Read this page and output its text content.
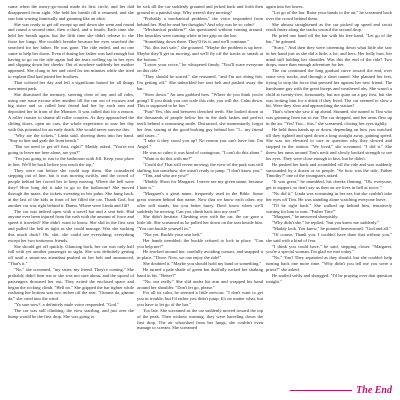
came when the merry-go-round made its first circle, and her dad disappeared from sight. She held her breath till it returned, and she saw him waving frantically and grinning like an idiot.

She was ready to get off except up and down she went and round and round a second time, then a third, and a fourth. Each time she held her breath again, but the fifth time she didn't release it; she froze her lungs. She couldn't breathe because her eyes searched the searched for her father. He was gone. The ride ended, and no one came to help her down. Even if during her father was bad enough but having to go on the ride again had the tears welling up in her eyes and slipping down her cheeks. Out of nowhere suddenly her mother appeared. She clung to her and cried for ten minutes while she tried to explain Dad had joined her brothers.

That colored her day and left a significant hatred for all things merriment park.

She dismissed the memory, steering clear of any and all rides, using one issue excuse after another till the run out of excuses and big sister and so called best friend had her by each arm and deposited her in front of the Monster. It was called that for a reason. A roller coaster to shame all roller coasters. As they approached the sliding doors, open air cars, the whole experience to soar her day with this potential for an early death. She would never survive this.

"Why are the tickets," Linda said, shoving them into her hand. "Stay in line and grab the front bench."

"But we need to get off first, right?" Maddy asked. "You're not going to leave me here alone, are you?"

"I'm just going to run to the bathroom with Jill. Keep your place in line. We'll be back before you reach the top."

They were out before she could stop them. She considered stepping out of line, but it was moving swiftly, and the crowd of people behind her forced her to keep moving. Where the hell were they? How long did it take to go to the bathroom? She moved through the maze, the tickets sweating in her palm. She hung back, at the last of the kids in front of her filled the car. Thank God, but another car was right behind it. Damn. Where were Linda and Jill?

The car was indeed open with a travel bar and a seat belt. Had anyone ever been injured from the rush with the amount of force and speed it traveled? She didn't want to know. She slid in the first seat and pulled the belt as tight as she could manage. Was she sucking this much duck? Oh, shit, she could see everything; everything except her two traitorous friends.

She should get off quickly. Glancing back, her car was only half full with yet another passenger in sight. She was definitely getting off until a smart-ass attendant pushed on her belt and announced, "That's it."

"No," she screamed, "my sister, my friend. They're coming." She probably didn't hear me or she was not sure about, and the squeal of passengers drowned her out. They exited the enclosed space and began the rocking climb. "Hell no." She gripped the bar tighter while realizing her bottom was two inches off the seat. "Gimme da, gimme da," she cried into the wind.

"Ya sure now?, a definitely male voice responded. "God."

The car was still climbing, the view startling, and just over the hump would be the first drop. She was going to

be sick till the car suddenly groaned and jerked back and forth then ground to a painful stop. Why weren't they moving?

"Probably a mechanical problem," the voice responded from behind her. Had he read her thoughts? And why was he so calm?

"Mechanical problem?" she questioned without turning around. Her knuckles were turning white in her grip on the bar.

"Something down there. They'll fix it, and we'll continue."

"No, this isn't safe," she groaned. "Maybe the problem is up here. Maybe they'll get us moving, and we'll fly off the tracks or smash at the bottom."

"Lower your voice," he whispered firmly. "You'll scare everyone on this ride."

"They should be scared," she reasoned, "and I'm not doing this. I'm getting off." She unbuckled her seat belt and pushed away the bar.

"Slow down." An arm grabbed hers. "Where do you think you're going? If you think you can scale this ride, you will die. Calm down. This is supposed to be fun."

"Fun? Yes, this and between clenched teeth. She looked down at the thousands of people below her in the dark lashes and perfect teeth behind a reassuring smile. Distracted, she momentarily forgot her fear, staring at the good-looking guy behind her. "I... my friend and sister..."

"I take it they stood you up? No reason you can't have fun. I'm Angel."

He was so calm; it was kind of contagious. "I can't do this alone."

"Want to do this with me?"

"Could do! That will revert moving; the view of the park was still shifting, but somehow, she wasn't ready to jump. "I don't know you."

"Tim, and who are you?"

"Maddy. Short for Margaret. I never see my given name, because I hate it."

"Margaret's a great name, frequently used in the Bible. Some great women behind that name. Now that we know each other, my offer still stands, but you better hurry. Don't know when we'll suddenly be moving. Can you climb back into my seat?"

She didn't hesitate. Climbing over with the car, the car gave a little tilt. She screamed as he pulled her down on the seat beside him. "You can buckle yourself in."

"Not yet. Buckle your seat belt."

Her hands trembled; the buckle refused to lock in place. "Can you help me?"

He reached around her, carefully avoiding contact, and snapped it in place. "There. Now, we can enjoy the ride!"

She doubted it. "Maybe you should hold my hand or something."

He turned a pale shade of green but dutifully tucked her shaking hand in his. "Better?"

"No, not really." She slid under his arm and wrapped his hand around her shoulder. "Don't let go, please."

For all its calm, he seemed a little nervous. "I don't want to get you in trouble, but I'd rather you didn't jump. It's no matter what, but you have to let go of the bar."

Too late. She screamed as the car suddenly moved toward the top of the peak. Then without warning, they were barreling down the first drop. The air whooshed from her lungs; she couldn't even manage to scream. She screamed

again into her knees.

"Let go of the bar. Raise your hands to the air," he screamed back over the crowd behind them.

She almost straightened as the car picked up speed and racist result faster along the tracks toward the second drop.

He pried one hand off the bar with his free hand. "Let go of the bar," he grinned.

"Scary." And then they were careening down what little she saw in her hand just as she did a little, a lot, and hers. Her belly hurt, her mind still holding her shoulder. Was this the end of the ride? Two drops, more than enough adventure for her.

The car continued the long gradual curve toward the end, over some very tracks, and through a short tunnel. She planned her feet, trying to stop the force that pressed her against her new friend. The handsome guy with the great biceps and weathered abs. She wasn't a child at twenty-five, fortunately, but not quite on a gay first, but she was trotting him for a drink if they lived. The car seemed to slow a bit. Were they slow and approaching the station?

That's when she saw it up ahead. Stunned, she turned to Tim who was grinning from ear to ear. The car dropped, and her arms flew up in the air. "Yes! You... this," she screamed, closing her eyes tightly.

He held them hands up or down, depending on how you watched till they righted and sped down a long straight away, gaining speed. She was too elevated to care or question why they slowed and stopped in the station. "We lived," she screamed. "I did it." She threw her arms around Tim's neck and slowly backed strength to see his eyes. They were close enough to kiss, but he didn't.

He pushed her back and scrambled off the ride and was suddenly surrounded by a dozen or so people. "So how was the ride, Father Timothy?" one of the youngsters asked.

"It was great," he mumbled, his cheeks flaming. "Oh, everyone, get to support, so don't say us then on we lives in hell at twice."

"No did it," Linda was screaming in her ear, but she couldn't take her eyes off Tim. He was standing alone watching everyone leave.

"I'll be right back." She walked up behind him, tentatively waiting for him to turn. "Father Tim?"

"Margaret," he answered sheepishly.

"Why didn't she," he replied, "but you knew me suddenly."

"Maddy look. You know," he pointed heavenward. "God and all."

"Of course. Thank you. I couldn't have done that without you," she said with a kind of fear.

"I think you could have," he said, stepping closer. "Margaret, you're a special woman. I'm glad we met today."

"No," Tim? They separated as they should, but she couldn't help turning back one more time. "Why didn't you tell me you were a priest?" she asked.

He smiled softly and shrugged. "I'd be praying over that question tonight."

The End
